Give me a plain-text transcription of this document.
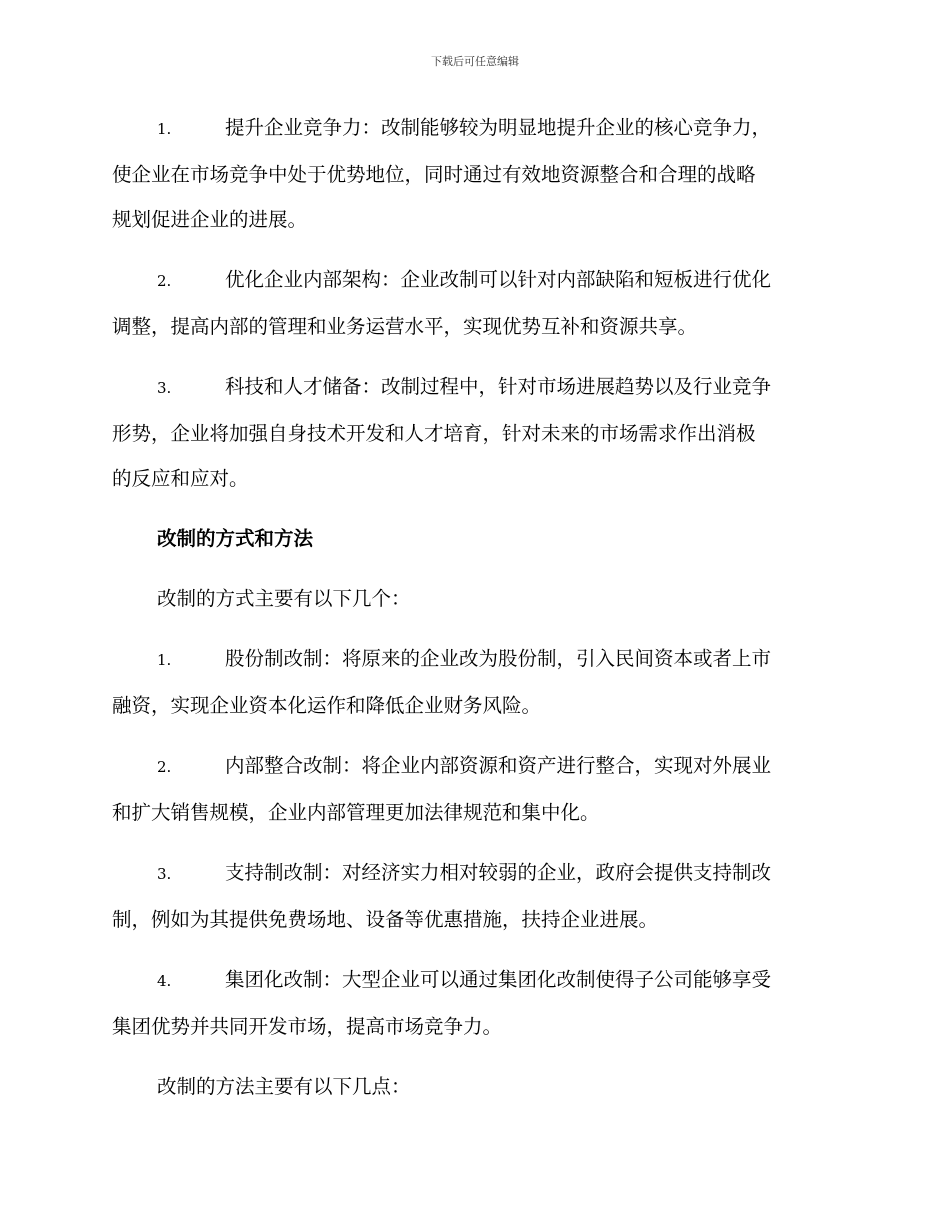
下载后可任意编辑
1.	提升企业竞争力：改制能够较为明显地提升企业的核心竞争力，
使企业在市场竞争中处于优势地位，同时通过有效地资源整合和合理的战略
规划促进企业的进展。
2.	优化企业内部架构：企业改制可以针对内部缺陷和短板进行优化
调整，提高内部的管理和业务运营水平，实现优势互补和资源共享。
3.	科技和人才储备：改制过程中，针对市场进展趋势以及行业竞争
形势，企业将加强自身技术开发和人才培育，针对未来的市场需求作出消极
的反应和应对。
改制的方式和方法
改制的方式主要有以下几个：
1.	股份制改制：将原来的企业改为股份制，引入民间资本或者上市
融资，实现企业资本化运作和降低企业财务风险。
2.	内部整合改制：将企业内部资源和资产进行整合，实现对外展业
和扩大销售规模，企业内部管理更加法律规范和集中化。
3.	支持制改制：对经济实力相对较弱的企业，政府会提供支持制改
制，例如为其提供免费场地、设备等优惠措施，扶持企业进展。
4.	集团化改制：大型企业可以通过集团化改制使得子公司能够享受
集团优势并共同开发市场，提高市场竞争力。
改制的方法主要有以下几点：
